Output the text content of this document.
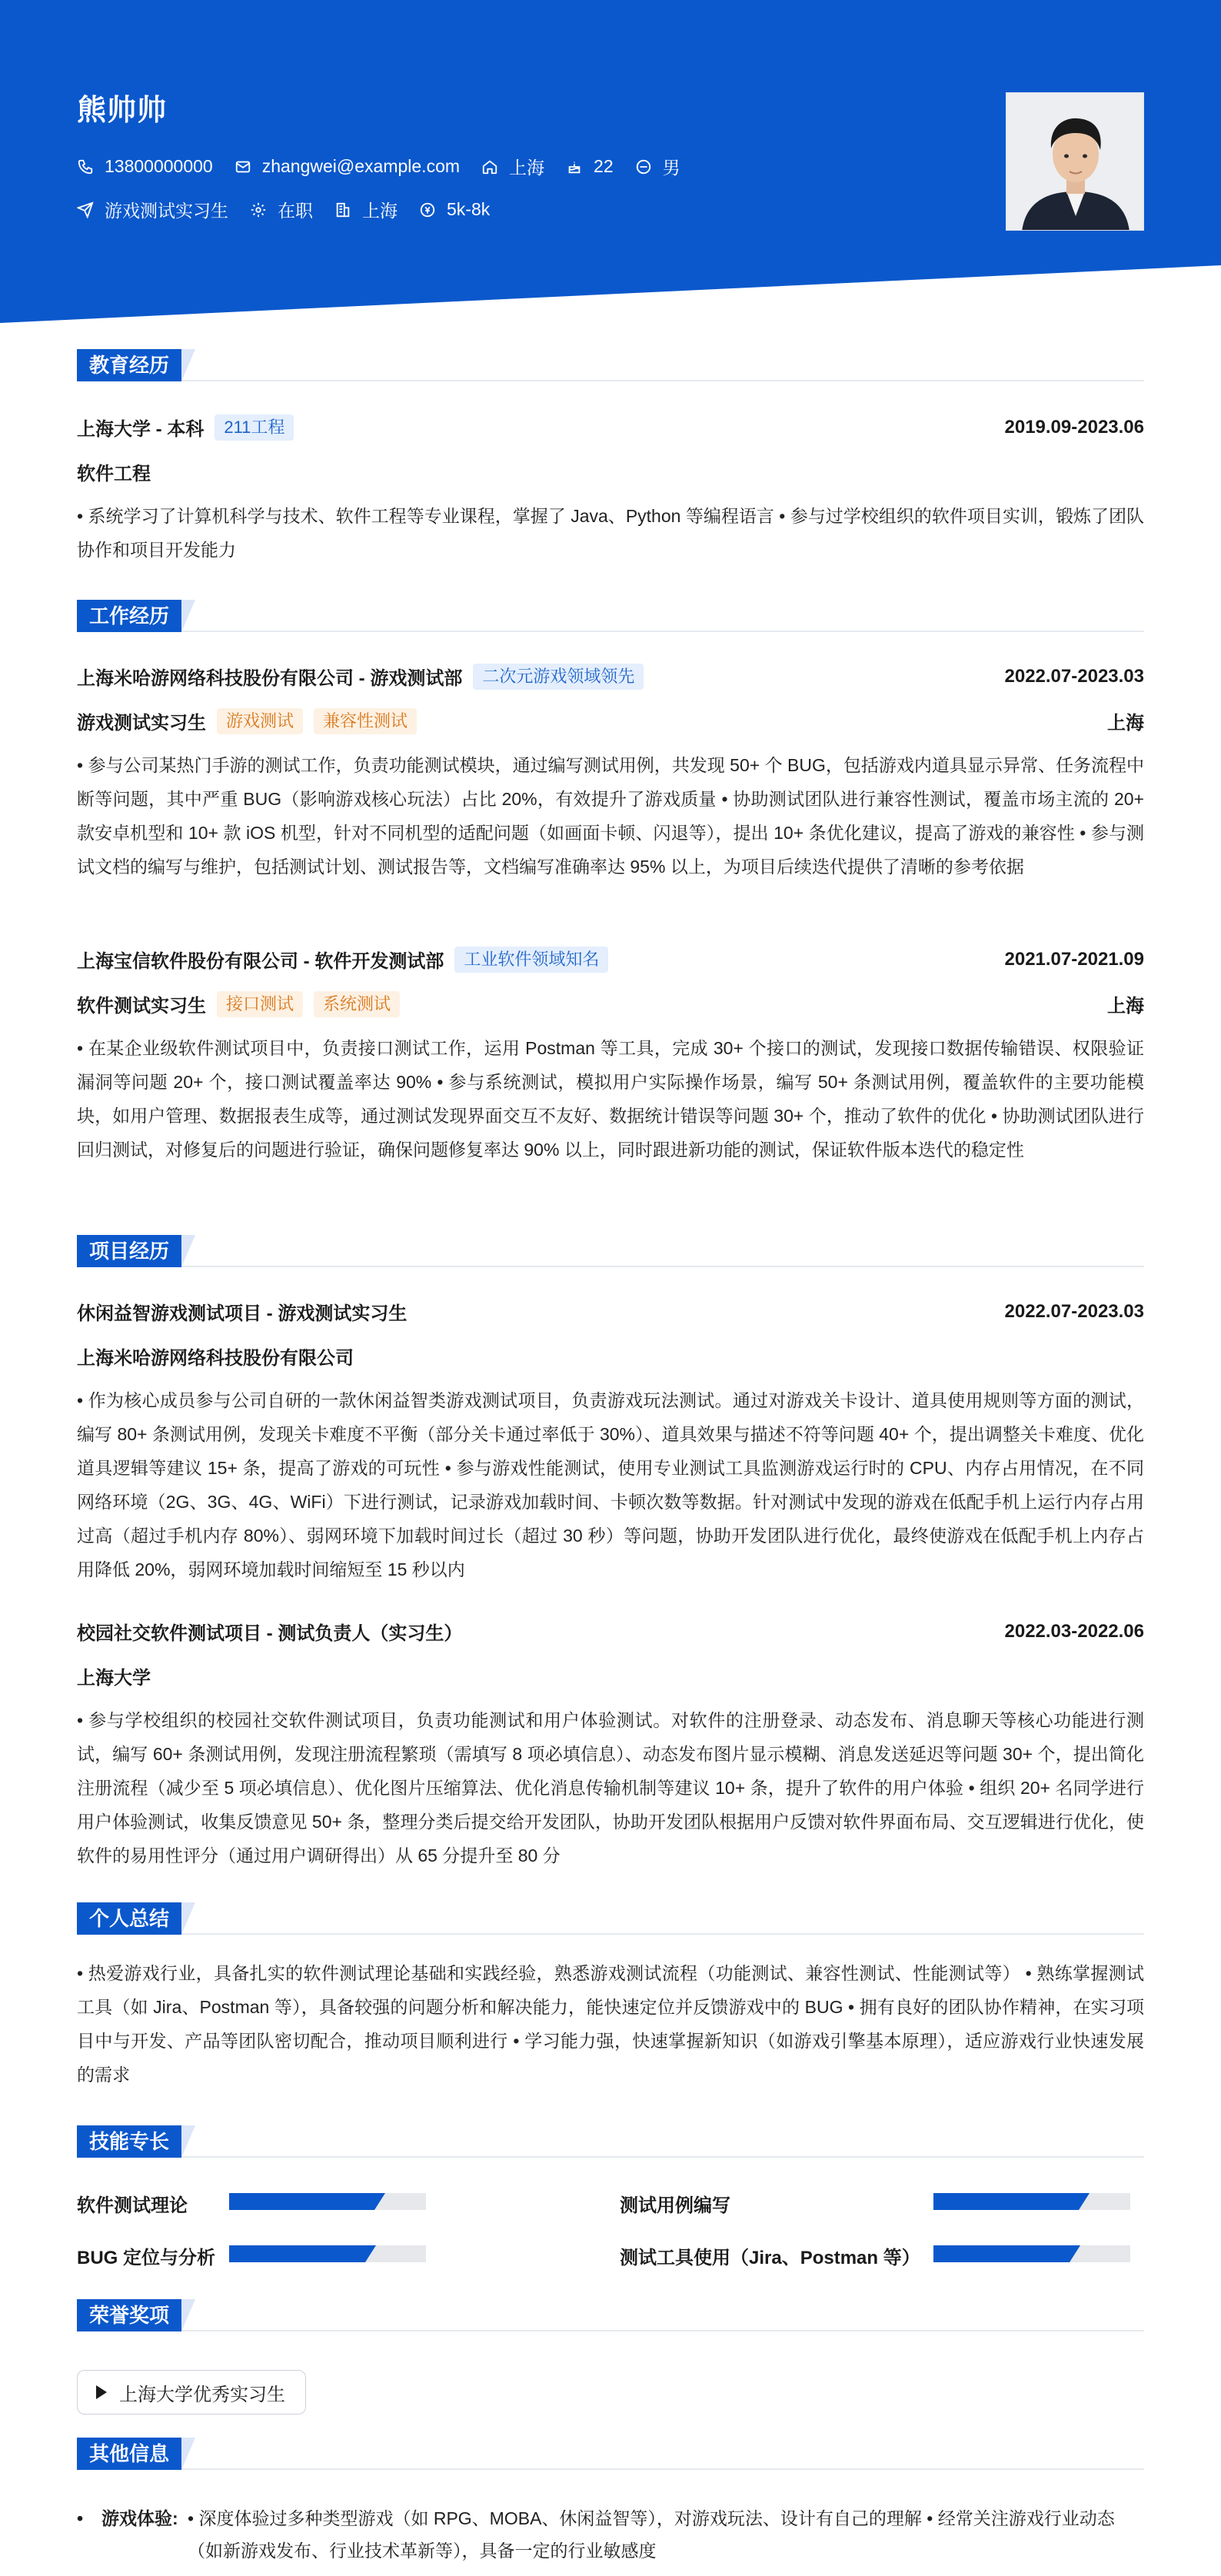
熊帅帅
13800000000	zhangwei@example.com	上海	22	男
游戏测试实习生	在职	上海	5k-8k
教育经历
上海大学 - 本科	211工程	2019.09-2023.06
软件工程
• 系统学习了计算机科学与技术、软件工程等专业课程，掌握了 Java、Python 等编程语言 • 参与过学校组织的软件项目实训，锻炼了团队协作和项目开发能力
工作经历
上海米哈游网络科技股份有限公司 - 游戏测试部	二次元游戏领域领先	2022.07-2023.03
游戏测试实习生	游戏测试	兼容性测试	上海
• 参与公司某热门手游的测试工作，负责功能测试模块，通过编写测试用例，共发现 50+ 个 BUG，包括游戏内道具显示异常、任务流程中断等问题，其中严重 BUG（影响游戏核心玩法）占比 20%，有效提升了游戏质量 • 协助测试团队进行兼容性测试，覆盖市场主流的 20+ 款安卓机型和 10+ 款 iOS 机型，针对不同机型的适配问题（如画面卡顿、闪退等），提出 10+ 条优化建议，提高了游戏的兼容性 • 参与测试文档的编写与维护，包括测试计划、测试报告等，文档编写准确率达 95% 以上，为项目后续迭代提供了清晰的参考依据
上海宝信软件股份有限公司 - 软件开发测试部	工业软件领域知名	2021.07-2021.09
软件测试实习生	接口测试	系统测试	上海
• 在某企业级软件测试项目中，负责接口测试工作，运用 Postman 等工具，完成 30+ 个接口的测试，发现接口数据传输错误、权限验证漏洞等问题 20+ 个，接口测试覆盖率达 90% • 参与系统测试，模拟用户实际操作场景，编写 50+ 条测试用例，覆盖软件的主要功能模块，如用户管理、数据报表生成等，通过测试发现界面交互不友好、数据统计错误等问题 30+ 个，推动了软件的优化 • 协助测试团队进行回归测试，对修复后的问题进行验证，确保问题修复率达 90% 以上，同时跟进新功能的测试，保证软件版本迭代的稳定性
项目经历
休闲益智游戏测试项目 - 游戏测试实习生	2022.07-2023.03
上海米哈游网络科技股份有限公司
• 作为核心成员参与公司自研的一款休闲益智类游戏测试项目，负责游戏玩法测试。通过对游戏关卡设计、道具使用规则等方面的测试，编写 80+ 条测试用例，发现关卡难度不平衡（部分关卡通过率低于 30%）、道具效果与描述不符等问题 40+ 个，提出调整关卡难度、优化道具逻辑等建议 15+ 条，提高了游戏的可玩性 • 参与游戏性能测试，使用专业测试工具监测游戏运行时的 CPU、内存占用情况，在不同网络环境（2G、3G、4G、WiFi）下进行测试，记录游戏加载时间、卡顿次数等数据。针对测试中发现的游戏在低配手机上运行内存占用过高（超过手机内存 80%）、弱网环境下加载时间过长（超过 30 秒）等问题，协助开发团队进行优化，最终使游戏在低配手机上内存占用降低 20%，弱网环境加载时间缩短至 15 秒以内
校园社交软件测试项目 - 测试负责人（实习生）	2022.03-2022.06
上海大学
• 参与学校组织的校园社交软件测试项目，负责功能测试和用户体验测试。对软件的注册登录、动态发布、消息聊天等核心功能进行测试，编写 60+ 条测试用例，发现注册流程繁琐（需填写 8 项必填信息）、动态发布图片显示模糊、消息发送延迟等问题 30+ 个，提出简化注册流程（减少至 5 项必填信息）、优化图片压缩算法、优化消息传输机制等建议 10+ 条，提升了软件的用户体验 • 组织 20+ 名同学进行用户体验测试，收集反馈意见 50+ 条，整理分类后提交给开发团队，协助开发团队根据用户反馈对软件界面布局、交互逻辑进行优化，使软件的易用性评分（通过用户调研得出）从 65 分提升至 80 分
个人总结
• 热爱游戏行业，具备扎实的软件测试理论基础和实践经验，熟悉游戏测试流程（功能测试、兼容性测试、性能测试等） • 熟练掌握测试工具（如 Jira、Postman 等），具备较强的问题分析和解决能力，能快速定位并反馈游戏中的 BUG • 拥有良好的团队协作精神，在实习项目中与开发、产品等团队密切配合，推动项目顺利进行 • 学习能力强，快速掌握新知识（如游戏引擎基本原理），适应游戏行业快速发展的需求
技能专长
软件测试理论	测试用例编写
BUG 定位与分析	测试工具使用（Jira、Postman 等）
荣誉奖项
上海大学优秀实习生
其他信息
•	游戏体验: • 深度体验过多种类型游戏（如 RPG、MOBA、休闲益智等），对游戏玩法、设计有自己的理解 • 经常关注游戏行业动态（如新游戏发布、行业技术革新等），具备一定的行业敏感度
